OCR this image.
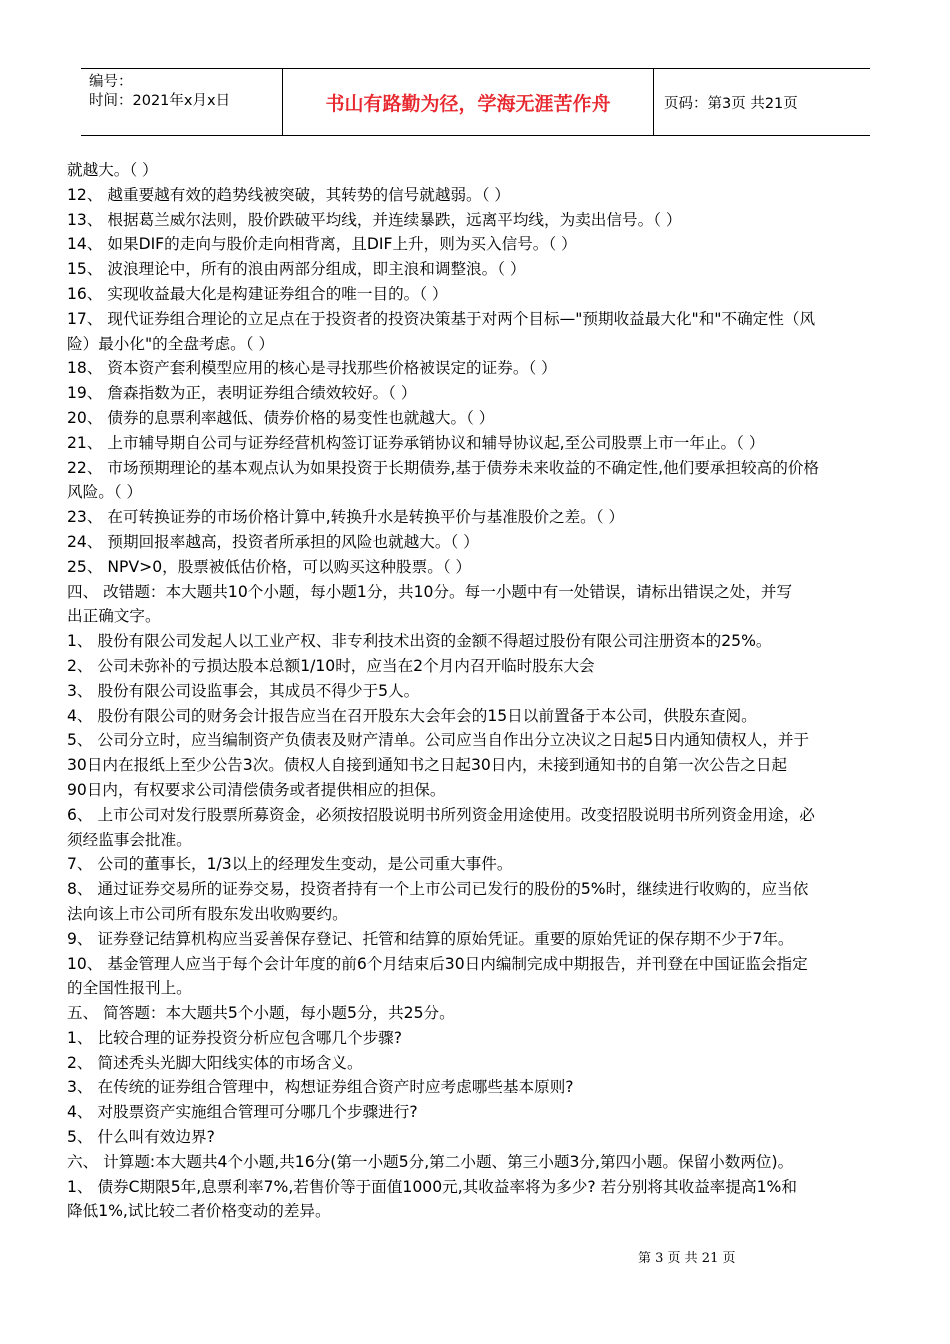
编号：
时间：2021年x月x日	书山有路勤为径，学海无涯苦作舟	页码：第3页 共21页
就越大。（ ）
12、 越重要越有效的趋势线被突破，其转势的信号就越弱。（ ）
13、 根据葛兰威尔法则，股价跌破平均线，并连续暴跌，远离平均线，为卖出信号。（ ）
14、 如果DIF的走向与股价走向相背离，且DIF上升，则为买入信号。（ ）
15、 波浪理论中，所有的浪由两部分组成，即主浪和调整浪。（ ）
16、 实现收益最大化是构建证券组合的唯一目的。（ ）
17、 现代证券组合理论的立足点在于投资者的投资决策基于对两个目标—"预期收益最大化"和"不确定性（风
险）最小化"的全盘考虑。（ ）
18、 资本资产套利模型应用的核心是寻找那些价格被误定的证券。（ ）
19、 詹森指数为正，表明证券组合绩效较好。（ ）
20、 债券的息票利率越低、债券价格的易变性也就越大。（ ）
21、 上市辅导期自公司与证券经营机构签订证券承销协议和辅导协议起,至公司股票上市一年止。（ ）
22、 市场预期理论的基本观点认为如果投资于长期债券,基于债券未来收益的不确定性,他们要承担较高的价格
风险。（ ）
23、 在可转换证券的市场价格计算中,转换升水是转换平价与基准股价之差。（ ）
24、 预期回报率越高，投资者所承担的风险也就越大。（ ）
25、 NPV>0，股票被低估价格，可以购买这种股票。（ ）
四、 改错题：本大题共10个小题，每小题1分，共10分。每一小题中有一处错误，请标出错误之处，并写
出正确文字。
1、 股份有限公司发起人以工业产权、非专利技术出资的金额不得超过股份有限公司注册资本的25%。
2、 公司未弥补的亏损达股本总额1/10时，应当在2个月内召开临时股东大会
3、 股份有限公司设监事会，其成员不得少于5人。
4、 股份有限公司的财务会计报告应当在召开股东大会年会的15日以前置备于本公司，供股东查阅。
5、 公司分立时，应当编制资产负债表及财产清单。公司应当自作出分立决议之日起5日内通知债权人，并于
30日内在报纸上至少公告3次。债权人自接到通知书之日起30日内，未接到通知书的自第一次公告之日起
90日内，有权要求公司清偿债务或者提供相应的担保。
6、 上市公司对发行股票所募资金，必须按招股说明书所列资金用途使用。改变招股说明书所列资金用途，必
须经监事会批准。
7、 公司的董事长，1/3以上的经理发生变动，是公司重大事件。
8、 通过证券交易所的证券交易，投资者持有一个上市公司已发行的股份的5%时，继续进行收购的，应当依
法向该上市公司所有股东发出收购要约。
9、 证券登记结算机构应当妥善保存登记、托管和结算的原始凭证。重要的原始凭证的保存期不少于7年。
10、 基金管理人应当于每个会计年度的前6个月结束后30日内编制完成中期报告，并刊登在中国证监会指定
的全国性报刊上。
五、 简答题：本大题共5个小题，每小题5分，共25分。
1、 比较合理的证券投资分析应包含哪几个步骤?
2、 简述秃头光脚大阳线实体的市场含义。
3、 在传统的证券组合管理中，构想证券组合资产时应考虑哪些基本原则?
4、 对股票资产实施组合管理可分哪几个步骤进行?
5、 什么叫有效边界?
六、 计算题:本大题共4个小题,共16分(第一小题5分,第二小题、第三小题3分,第四小题。保留小数两位)。
1、 债券C期限5年,息票利率7%,若售价等于面值1000元,其收益率将为多少? 若分别将其收益率提高1%和
降低1%,试比较二者价格变动的差异。
第 3 页 共 21 页
